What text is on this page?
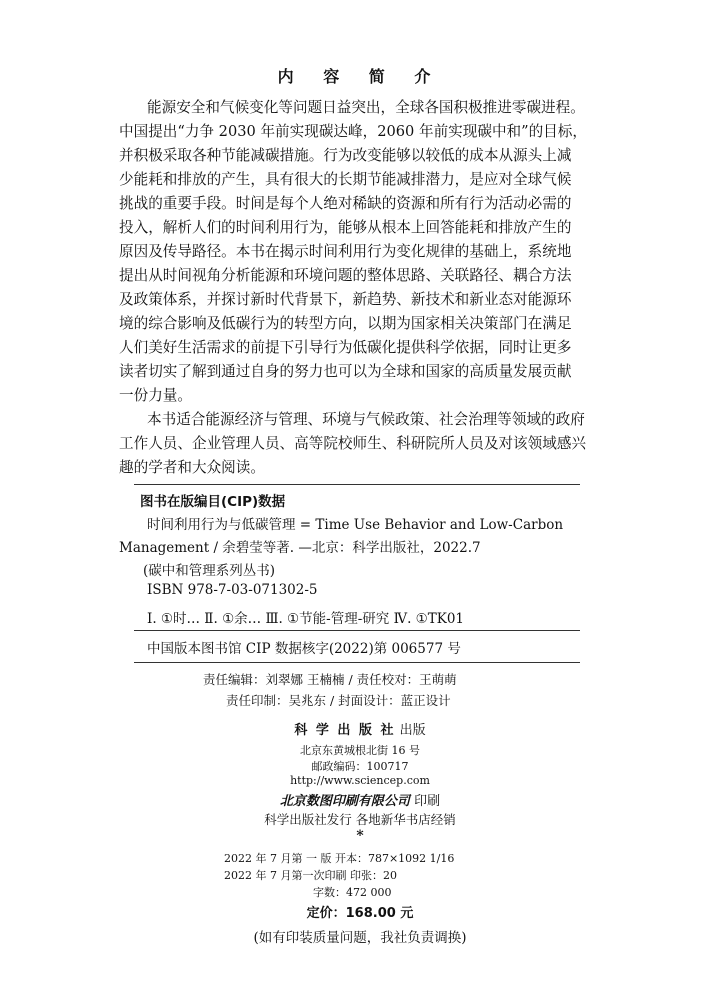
内 容 简 介
能源安全和气候变化等问题日益突出，全球各国积极推进零碳进程。
中国提出“力争 2030 年前实现碳达峰，2060 年前实现碳中和”的目标，
并积极采取各种节能减碳措施。行为改变能够以较低的成本从源头上减
少能耗和排放的产生，具有很大的长期节能减排潜力，是应对全球气候
挑战的重要手段。时间是每个人绝对稀缺的资源和所有行为活动必需的
投入，解析人们的时间利用行为，能够从根本上回答能耗和排放产生的
原因及传导路径。本书在揭示时间利用行为变化规律的基础上，系统地
提出从时间视角分析能源和环境问题的整体思路、关联路径、耦合方法
及政策体系，并探讨新时代背景下，新趋势、新技术和新业态对能源环
境的综合影响及低碳行为的转型方向，以期为国家相关决策部门在满足
人们美好生活需求的前提下引导行为低碳化提供科学依据，同时让更多
读者切实了解到通过自身的努力也可以为全球和国家的高质量发展贡献
一份力量。
本书适合能源经济与管理、环境与气候政策、社会治理等领域的政府
工作人员、企业管理人员、高等院校师生、科研院所人员及对该领域感兴
趣的学者和大众阅读。
图书在版编目(CIP)数据
时间利用行为与低碳管理 = Time Use Behavior and Low-Carbon
Management / 余碧莹等著. —北京：科学出版社，2022.7
(碳中和管理系列丛书)
ISBN 978-7-03-071302-5
Ⅰ. ①时… Ⅱ. ①余… Ⅲ. ①节能-管理-研究 Ⅳ. ①TK01
中国版本图书馆 CIP 数据核字(2022)第 006577 号
责任编辑：刘翠娜 王楠楠 / 责任校对：王萌萌
责任印制：吴兆东 / 封面设计：蓝正设计
科 学 出 版 社 出版
北京东黄城根北街 16 号
邮政编码：100717
http://www.sciencep.com
北京数图印刷有限公司 印刷
科学出版社发行 各地新华书店经销
*
2022 年 7 月第 一 版 开本：787×1092 1/16
2022 年 7 月第一次印刷 印张：20
字数：472 000
定价：168.00 元
(如有印装质量问题，我社负责调换)
